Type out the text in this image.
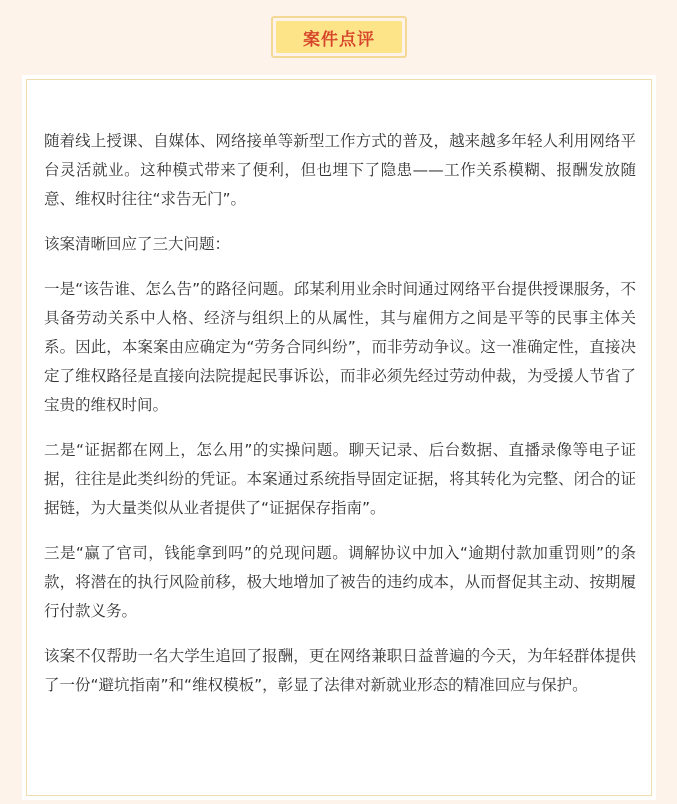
案件点评

随着线上授课、自媒体、网络接单等新型工作方式的普及，越来越多年轻人利用网络平台灵活就业。这种模式带来了便利，但也埋下了隐患——工作关系模糊、报酬发放随意、维权时往往“求告无门”。

该案清晰回应了三大问题：

一是“该告谁、怎么告”的路径问题。邱某利用业余时间通过网络平台提供授课服务，不具备劳动关系中人格、经济与组织上的从属性，其与雇佣方之间是平等的民事主体关系。因此，本案案由应确定为“劳务合同纠纷”，而非劳动争议。这一准确定性，直接决定了维权路径是直接向法院提起民事诉讼，而非必须先经过劳动仲裁，为受援人节省了宝贵的维权时间。

二是“证据都在网上，怎么用”的实操问题。聊天记录、后台数据、直播录像等电子证据，往往是此类纠纷的凭证。本案通过系统指导固定证据，将其转化为完整、闭合的证据链，为大量类似从业者提供了“证据保存指南”。

三是“赢了官司，钱能拿到吗”的兑现问题。调解协议中加入“逾期付款加重罚则”的条款，将潜在的执行风险前移，极大地增加了被告的违约成本，从而督促其主动、按期履行付款义务。

该案不仅帮助一名大学生追回了报酬，更在网络兼职日益普遍的今天，为年轻群体提供了一份“避坑指南”和“维权模板”，彰显了法律对新就业形态的精准回应与保护。
